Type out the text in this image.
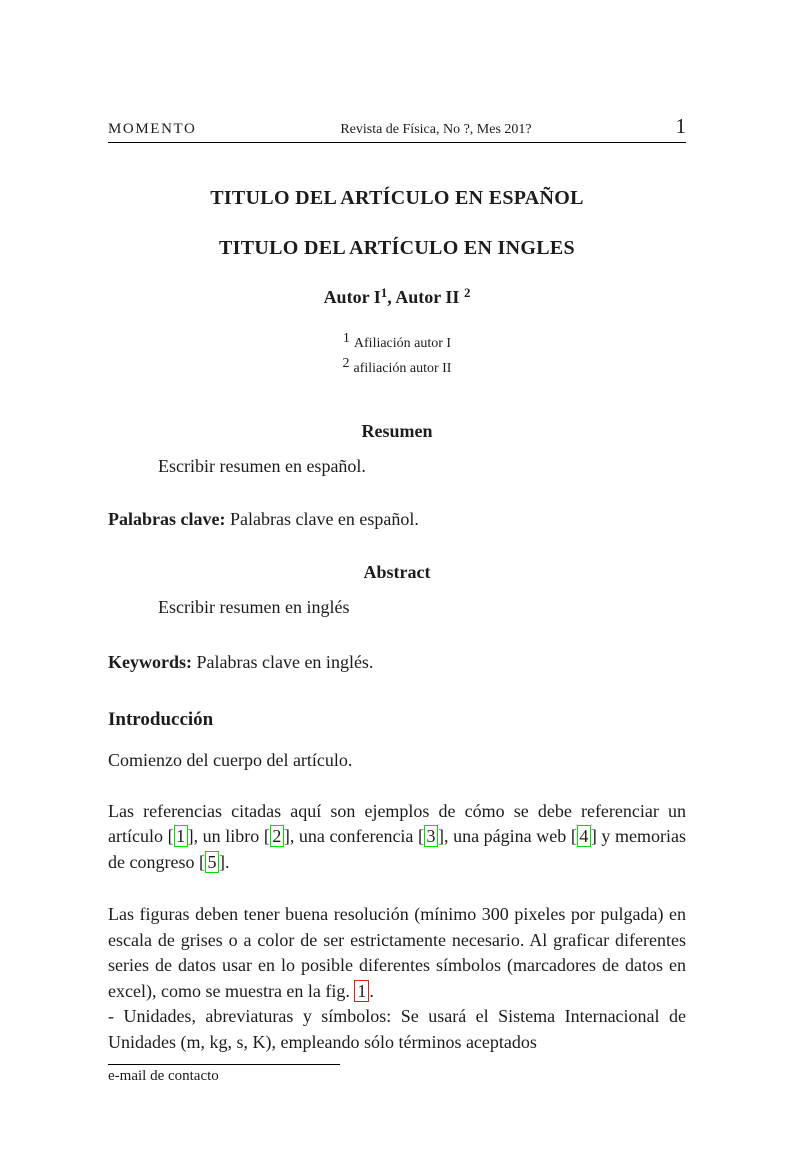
MOMENTO	Revista de Física, No ?, Mes 201?	1
TITULO DEL ARTÍCULO EN ESPAÑOL
TITULO DEL ARTÍCULO EN INGLES
Autor $I^1$, Autor II $^2$
1 Afiliación autor I
2 afiliación autor II
Resumen

Escribir resumen en español.

Palabras clave: Palabras clave en español.

Abstract

Escribir resumen en inglés

Keywords: Palabras clave en inglés.

Introducción

Comienzo del cuerpo del artículo.

Las referencias citadas aquí son ejemplos de cómo se debe referenciar un artículo [ 1 ], un libro [ 2 ], una conferencia [ 3 ], una página web [ 4 ] y memorias de congreso [ 5 ].

Las figuras deben tener buena resolución (mínimo 300 pixeles por pulgada) en escala de grises o a color de ser estrictamente necesario. Al graficar diferentes series de datos usar en lo posible diferentes símbolos (marcadores de datos en excel), como se muestra en la fig. 1 .

- Unidades, abreviaturas y símbolos: Se usará el Sistema Internacional de Unidades (m, kg, s, K), empleando sólo términos aceptados

e-mail de contacto
